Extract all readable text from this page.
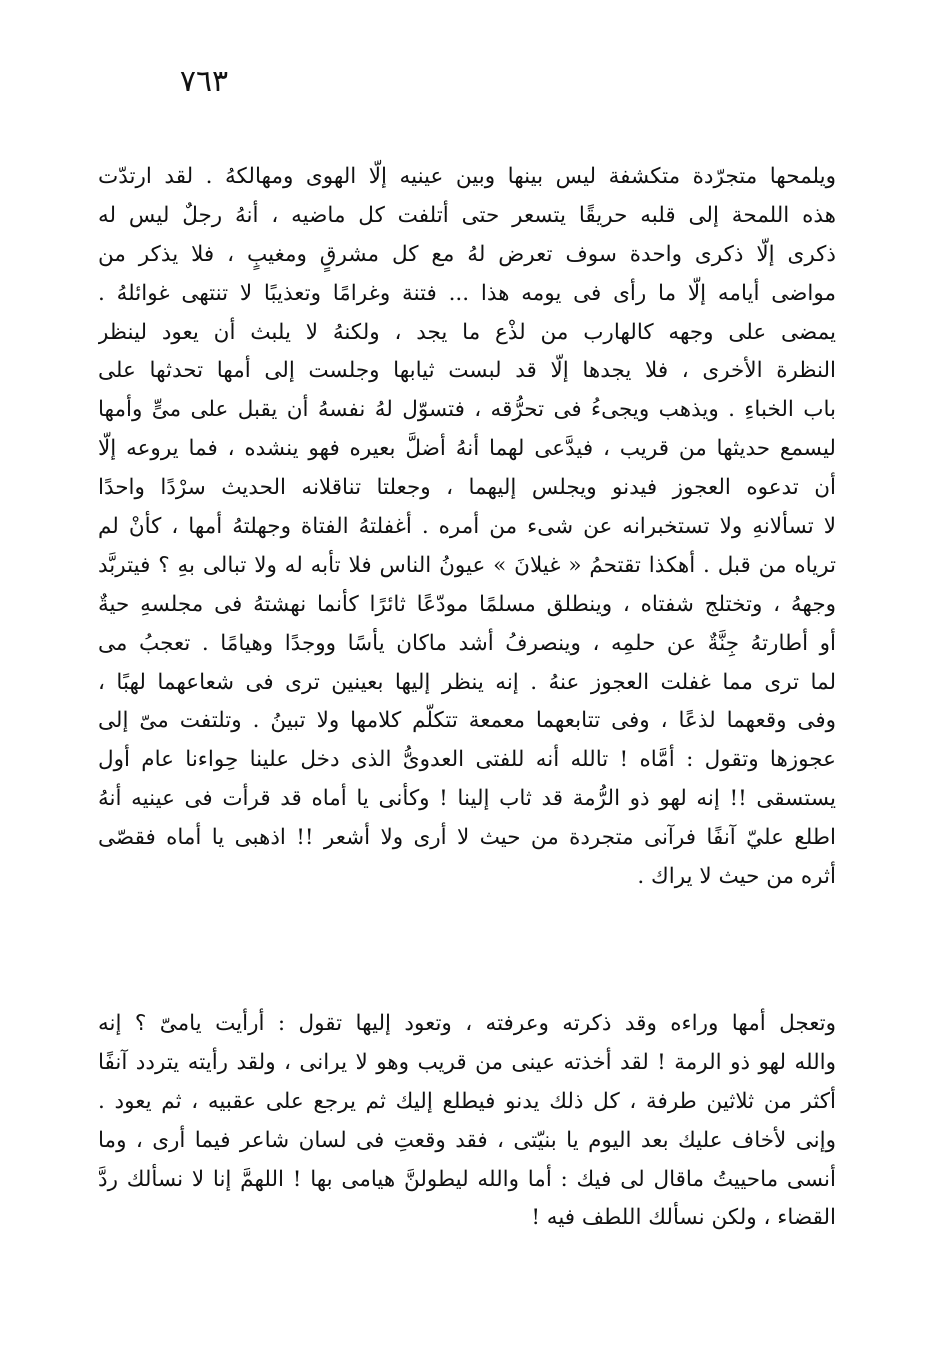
٧٦٣
ويلمحها متجرّدة متكشفة ليس بينها وبين عينيه إلّا الهوى ومهالكهُ . لقد ارتدّت
هذه اللمحة إلى قلبه حريقًا يتسعر حتى أتلفت كل ماضيه ، أنهُ رجلٌ ليس له
ذكرى إلّا ذكرى واحدة سوف تعرض لهُ مع كل مشرقٍ ومغيبٍ ، فلا يذكر من
مواضى أيامه إلّا ما رأى فى يومه هذا ... فتنة وغرامًا وتعذيبًا لا تنتهى غوائلهُ .
يمضى على وجهه كالهارب من لذْع ما يجد ، ولكنهُ لا يلبث أن يعود لينظر
النظرة الأخرى ، فلا يجدها إلّا قد لبست ثيابها وجلست إلى أمها تحدثها على
باب الخباءِ . ويذهب ويجىءُ فى تحرُّقه ، فتسوّل لهُ نفسهُ أن يقبل على مىٍّ وأمها
ليسمع حديثها من قريب ، فيدَّعى لهما أنهُ أضلَّ بعيره فهو ينشده ، فما يروعه إلّا
أن تدعوه العجوز فيدنو ويجلس إليهما ، وجعلتا تناقلانه الحديث سرْدًا واحدًا
لا تسألانهِ ولا تستخبرانه عن شىء من أمره . أغفلتهُ الفتاة وجهلتهُ أمها ، كأنْ لم
ترياه من قبل . أهكذا تقتحمُ « غيلانَ » عيونُ الناس فلا تأبه له ولا تبالى بهِ ؟ فيتربَّد
وجههُ ، وتختلج شفتاه ، وينطلق مسلمًا مودّعًا ثائرًا كأنما نهشتهُ فى مجلسهِ حيةٌ
أو أطارتهُ جِنَّةٌ عن حلمِه ، وينصرفُ أشد ماكان يأسًا ووجدًا وهيامًا . تعجبُ مى
لما ترى مما غفلت العجوز عنهُ . إنه ينظر إليها بعينين ترى فى شعاعهما لهبًا ،
وفى وقعهما لذعًا ، وفى تتابعهما معمعة تتكلّم كلامها ولا تبينُ . وتلتفت مىّ إلى
عجوزها وتقول : أمَّاه ! تالله أنه للفتى العدوىُّ الذى دخل علينا حِواءنا عام أول
يستسقى !! إنه لهو ذو الرُّمة قد ثاب إلينا ! وكأنى يا أماه قد قرأت فى عينيه أنهُ
اطلع عليّ آنفًا فرآنى متجردة من حيث لا أرى ولا أشعر !! اذهبى يا أماه فقصّى
أثره من حيث لا يراك .
وتعجل أمها وراءه وقد ذكرته وعرفته ، وتعود إليها تقول : أرأيت يامىّ ؟ إنه
والله لهو ذو الرمة ! لقد أخذته عينى من قريب وهو لا يرانى ، ولقد رأيته يتردد آنفًا
أكثر من ثلاثين طرفة ، كل ذلك يدنو فيطلع إليك ثم يرجع على عقبيه ، ثم يعود .
وإنى لأخاف عليك بعد اليوم يا بنيّتى ، فقد وقعتِ فى لسان شاعر فيما أرى ، وما
أنسى ماحييتُ ماقال لى فيك : أما والله ليطولنَّ هيامى بها ! اللهمَّ إنا لا نسألك ردَّ
القضاء ، ولكن نسألك اللطف فيه !
